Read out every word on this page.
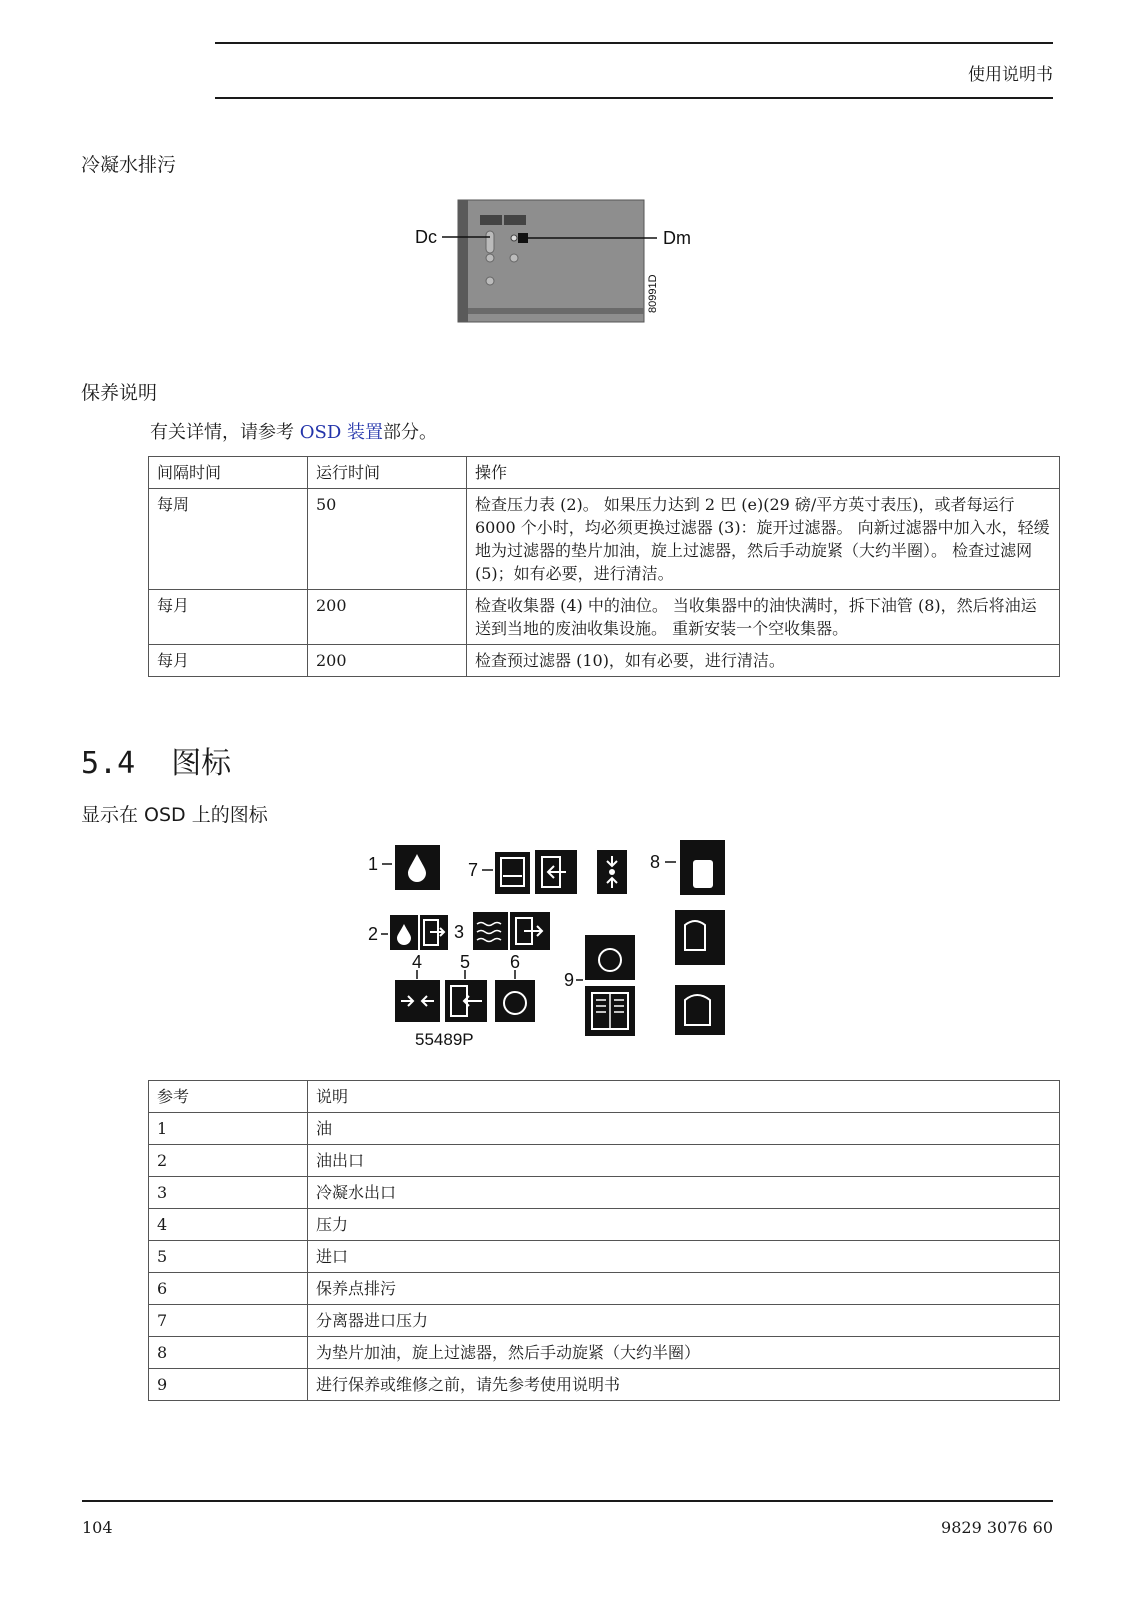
使用说明书
冷凝水排污
Dc	Dm
80991D
保养说明
有关详情，请参考 OSD 装置部分。
间隔时间	运行时间	操作
每周	50	检查压力表 (2)。 如果压力达到 2 巴 (e)(29 磅/平方英寸表压)，或者每运行 6000 个小时，均必须更换过滤器 (3)：旋开过滤器。 向新过滤器中加入水，轻缓地为过滤器的垫片加油，旋上过滤器，然后手动旋紧（大约半圈）。 检查过滤网 (5)；如有必要，进行清洁。
每月	200	检查收集器 (4) 中的油位。 当收集器中的油快满时，拆下油管 (8)，然后将油运送到当地的废油收集设施。 重新安装一个空收集器。
每月	200	检查预过滤器 (10)，如有必要，进行清洁。
5.4 图标
显示在 OSD 上的图标
1
2	3
4 5 6
7	8
9
55489P
参考	说明
1	油
2	油出口
3	冷凝水出口
4	压力
5	进口
6	保养点排污
7	分离器进口压力
8	为垫片加油，旋上过滤器，然后手动旋紧（大约半圈）
9	进行保养或维修之前，请先参考使用说明书
104	9829 3076 60
